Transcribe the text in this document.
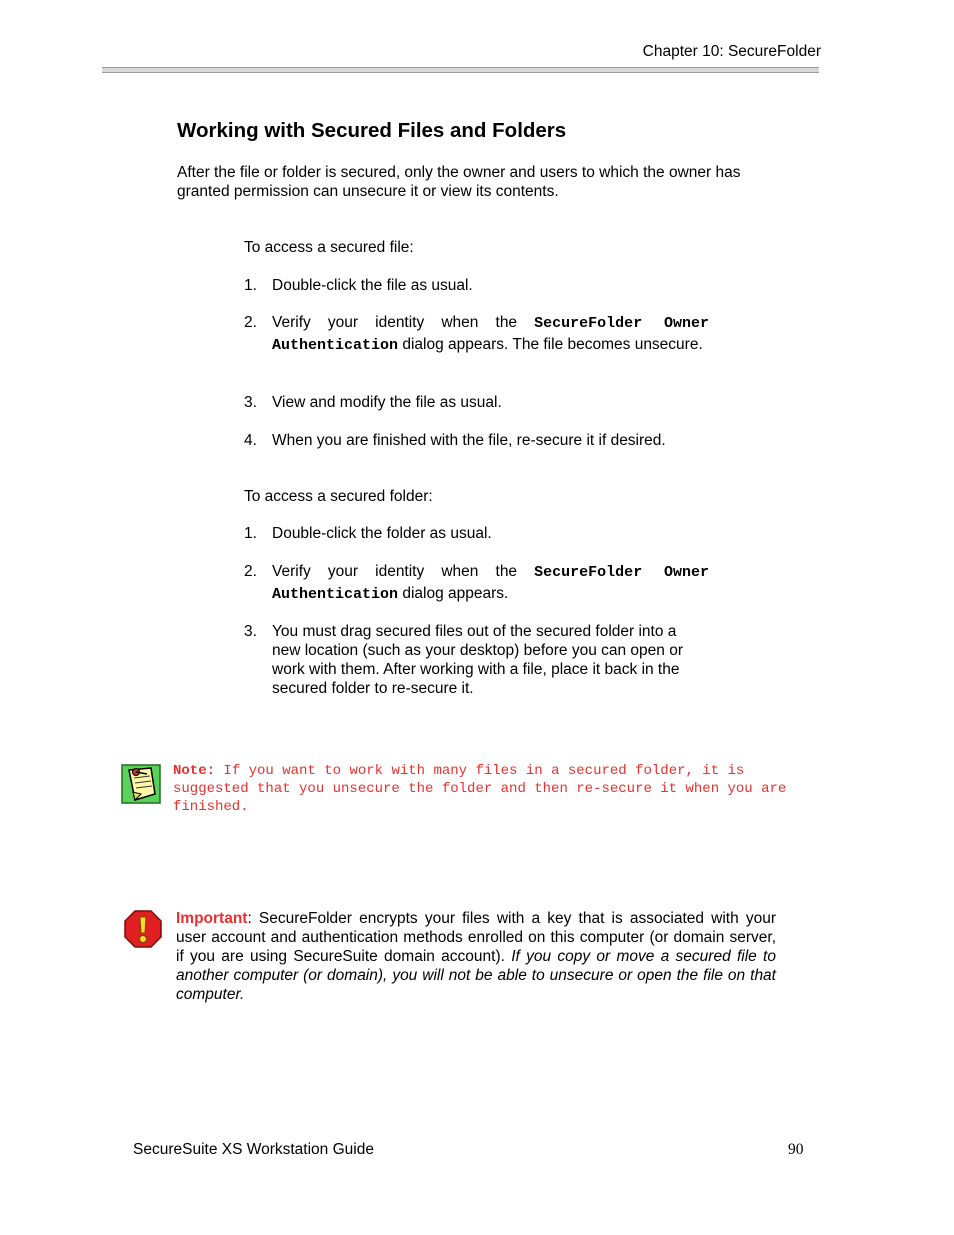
Chapter 10: SecureFolder
Working with Secured Files and Folders
After the file or folder is secured, only the owner and users to which the owner has granted permission can unsecure it or view its contents.
To access a secured file:
1. Double-click the file as usual.
2. Verify your identity when the SecureFolder Owner Authentication dialog appears. The file becomes unsecure.
3. View and modify the file as usual.
4. When you are finished with the file, re-secure it if desired.
To access a secured folder:
1. Double-click the folder as usual.
2. Verify your identity when the SecureFolder Owner Authentication dialog appears.
3. You must drag secured files out of the secured folder into a new location (such as your desktop) before you can open or work with them. After working with a file, place it back in the secured folder to re-secure it.
Note: If you want to work with many files in a secured folder, it is suggested that you unsecure the folder and then re-secure it when you are finished.
Important: SecureFolder encrypts your files with a key that is associated with your user account and authentication methods enrolled on this computer (or domain server, if you are using SecureSuite domain account). If you copy or move a secured file to another computer (or domain), you will not be able to unsecure or open the file on that computer.
SecureSuite XS Workstation Guide	90
